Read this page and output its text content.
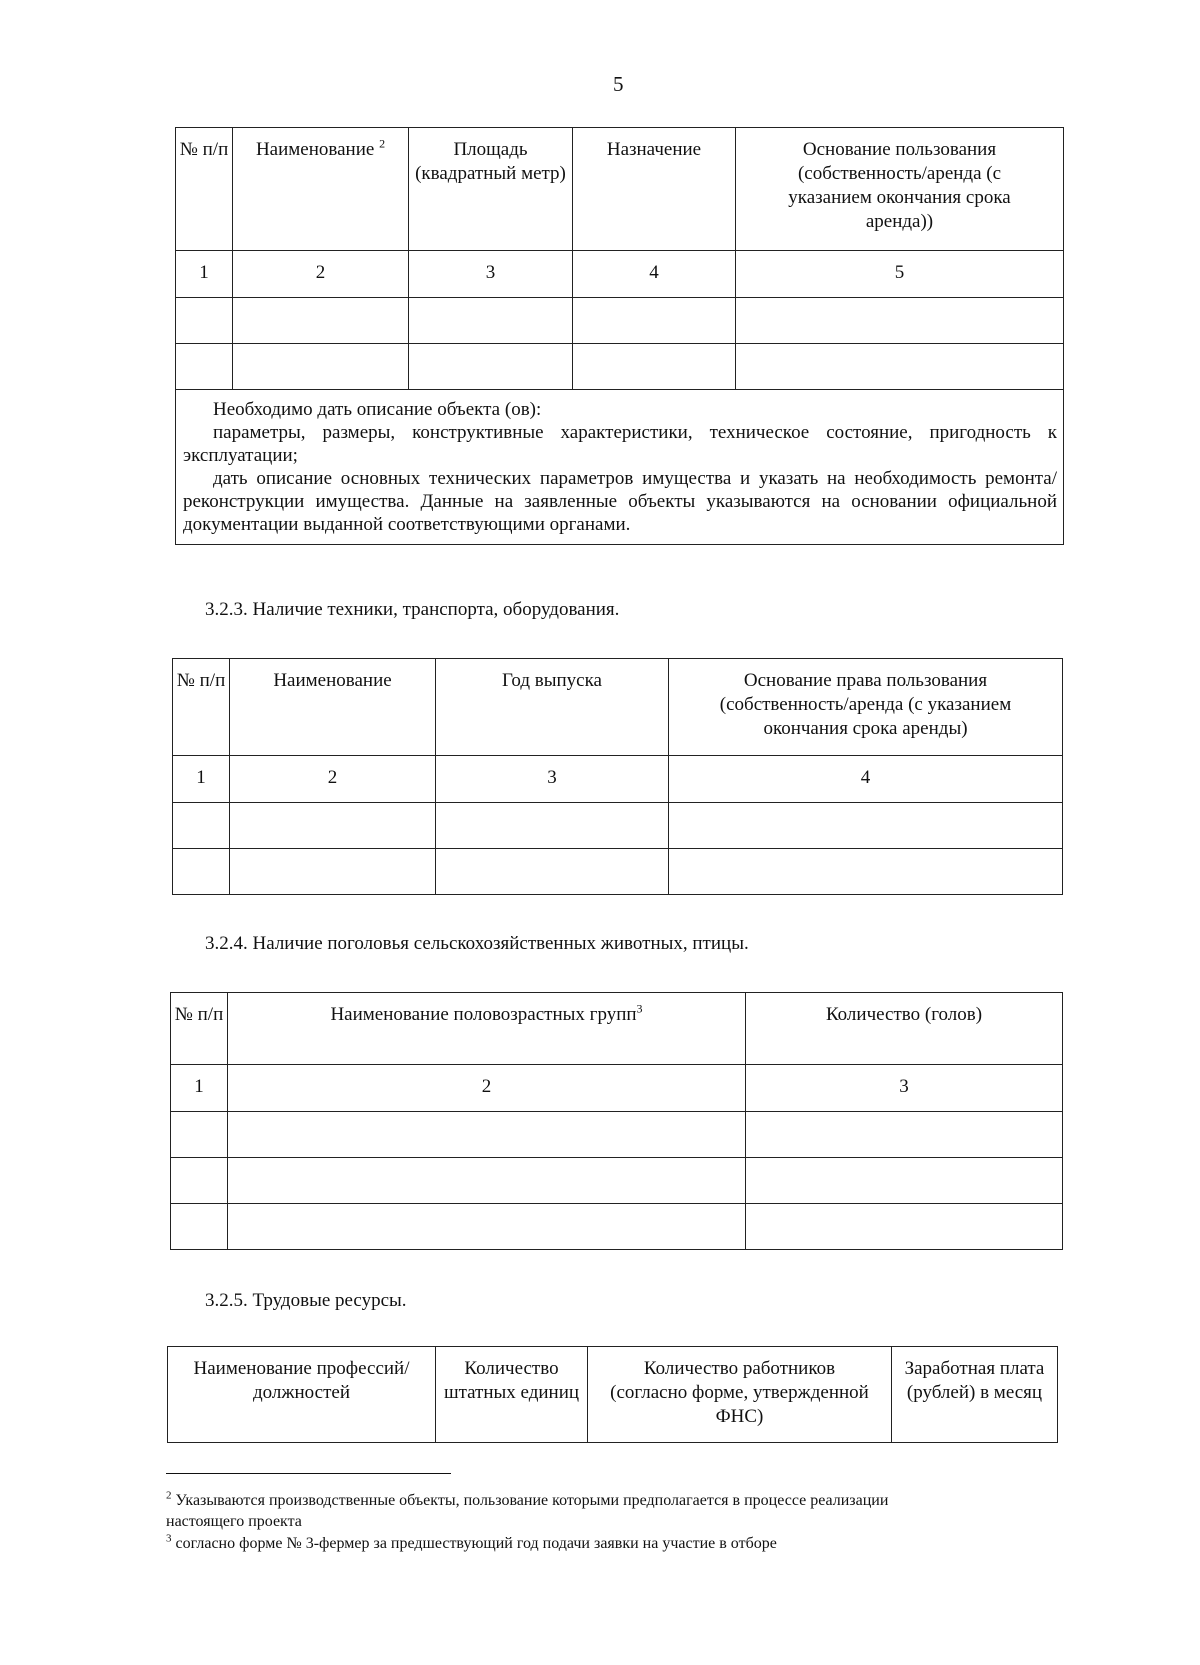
5
№ п/п	Наименование $^2$	Площадь (квадратный метр)	Назначение	Основание пользования (собственность/аренда (с указанием окончания срока аренда))
1	2	3	4	5

Необходимо дать описание объекта (ов):

параметры, размеры, конструктивные характеристики, техническое состояние, пригодность к эксплуатации;

дать описание основных технических параметров имущества и указать на необходимость ремонта/реконструкции имущества. Данные на заявленные объекты указываются на основании официальной документации выданной соответствующими органами.				

3.2.3. Наличие техники, транспорта, оборудования.
№ п/п	Наименование	Год выпуска	Основание права пользования (собственность/аренда (с указанием окончания срока аренды)
1	2	3	4

3.2.4. Наличие поголовья сельскохозяйственных животных, птицы.
№ п/п	Наименование половозрастных групп$^3$	Количество (голов)
1	2	3

3.2.5. Трудовые ресурсы.
Наименование профессий/должностей	Количество штатных единиц	Количество работников (согласно форме, утвержденной ФНС)	Заработная плата (рублей) в месяц
$^2$ Указываются производственные объекты, пользование которыми предполагается в процессе реализации настоящего проекта
$^3$ согласно форме № 3-фермер за предшествующий год подачи заявки на участие в отборе
